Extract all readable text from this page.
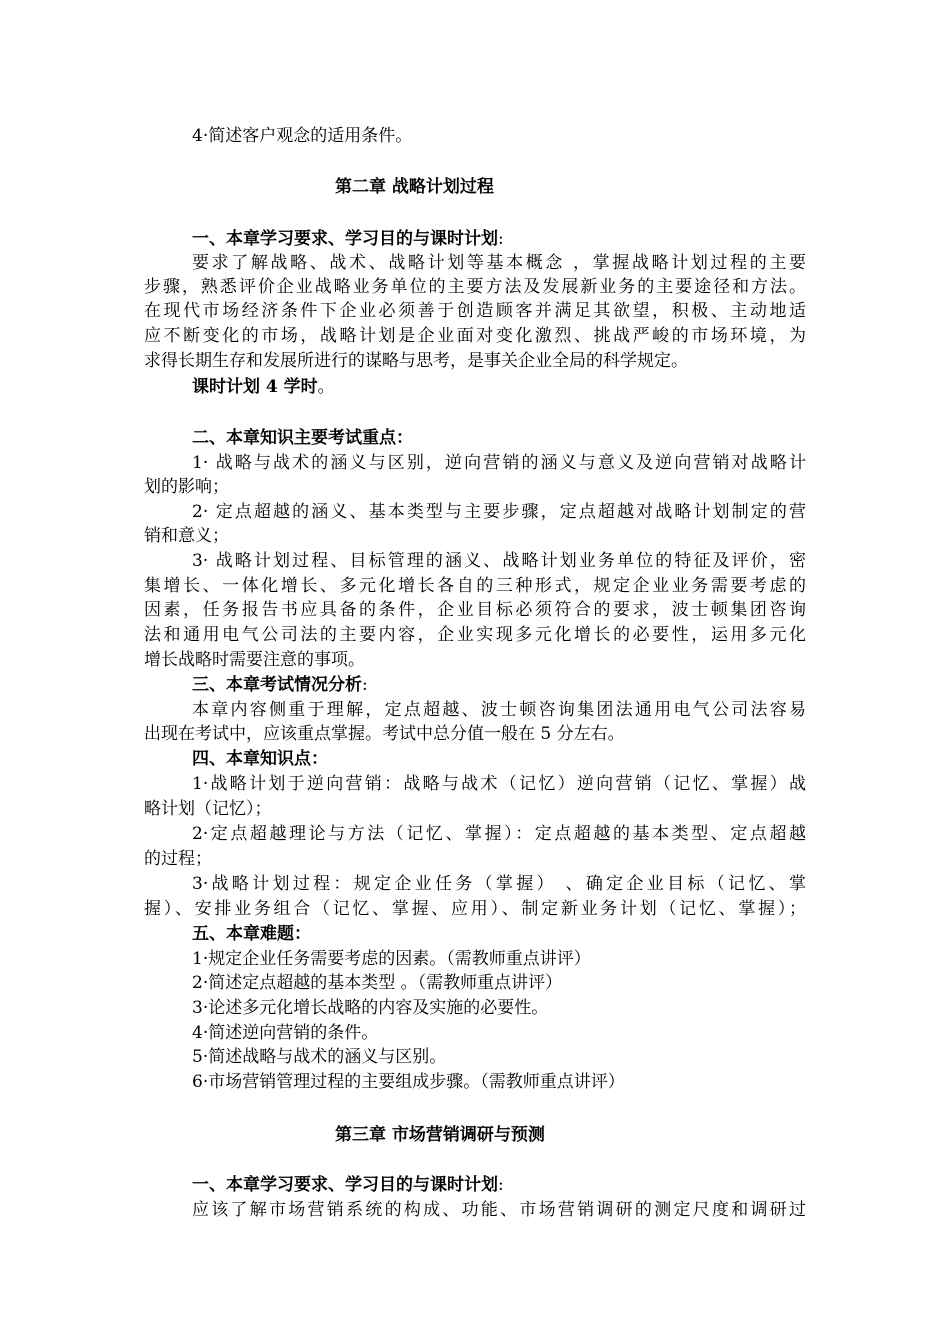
4·简述客户观念的适用条件。
第二章 战略计划过程
一、本章学习要求、学习目的与课时计划:
要求了解战略、战术、战略计划等基本概念 ，掌握战略计划过程的主要
步骤，熟悉评价企业战略业务单位的主要方法及发展新业务的主要途径和方法。
在现代市场经济条件下企业必须善于创造顾客并满足其欲望，积极、主动地适
应不断变化的市场，战略计划是企业面对变化激烈、挑战严峻的市场环境，为
求得长期生存和发展所进行的谋略与思考，是事关企业全局的科学规定。
课时计划 4 学时。
二、本章知识主要考试重点：
1· 战略与战术的涵义与区别，逆向营销的涵义与意义及逆向营销对战略计
划的影响；
2· 定点超越的涵义、基本类型与主要步骤，定点超越对战略计划制定的营
销和意义；
3· 战略计划过程、目标管理的涵义、战略计划业务单位的特征及评价，密
集增长、一体化增长、多元化增长各自的三种形式，规定企业业务需要考虑的
因素，任务报告书应具备的条件，企业目标必须符合的要求，波士顿集团咨询
法和通用电气公司法的主要内容，企业实现多元化增长的必要性，运用多元化
增长战略时需要注意的事项。
三、本章考试情况分析:
本章内容侧重于理解，定点超越、波士顿咨询集团法通用电气公司法容易
出现在考试中，应该重点掌握。考试中总分值一般在 5 分左右。
四、本章知识点：
1·战略计划于逆向营销：战略与战术（记忆）逆向营销（记忆、掌握）战
略计划（记忆）；
2·定点超越理论与方法（记忆、掌握）：定点超越的基本类型、定点超越
的过程；
3·战略计划过程：规定企业任务（掌握） 、确定企业目标（记忆、掌
握）、安排业务组合（记忆、掌握、应用）、制定新业务计划（记忆、掌握）；
五、本章难题：
1·规定企业任务需要考虑的因素。（需教师重点讲评）
2·简述定点超越的基本类型 。（需教师重点讲评）
3·论述多元化增长战略的内容及实施的必要性。
4·简述逆向营销的条件。
5·简述战略与战术的涵义与区别。
6·市场营销管理过程的主要组成步骤。（需教师重点讲评）
第三章 市场营销调研与预测
一、本章学习要求、学习目的与课时计划:
应该了解市场营销系统的构成、功能、市场营销调研的测定尺度和调研过
